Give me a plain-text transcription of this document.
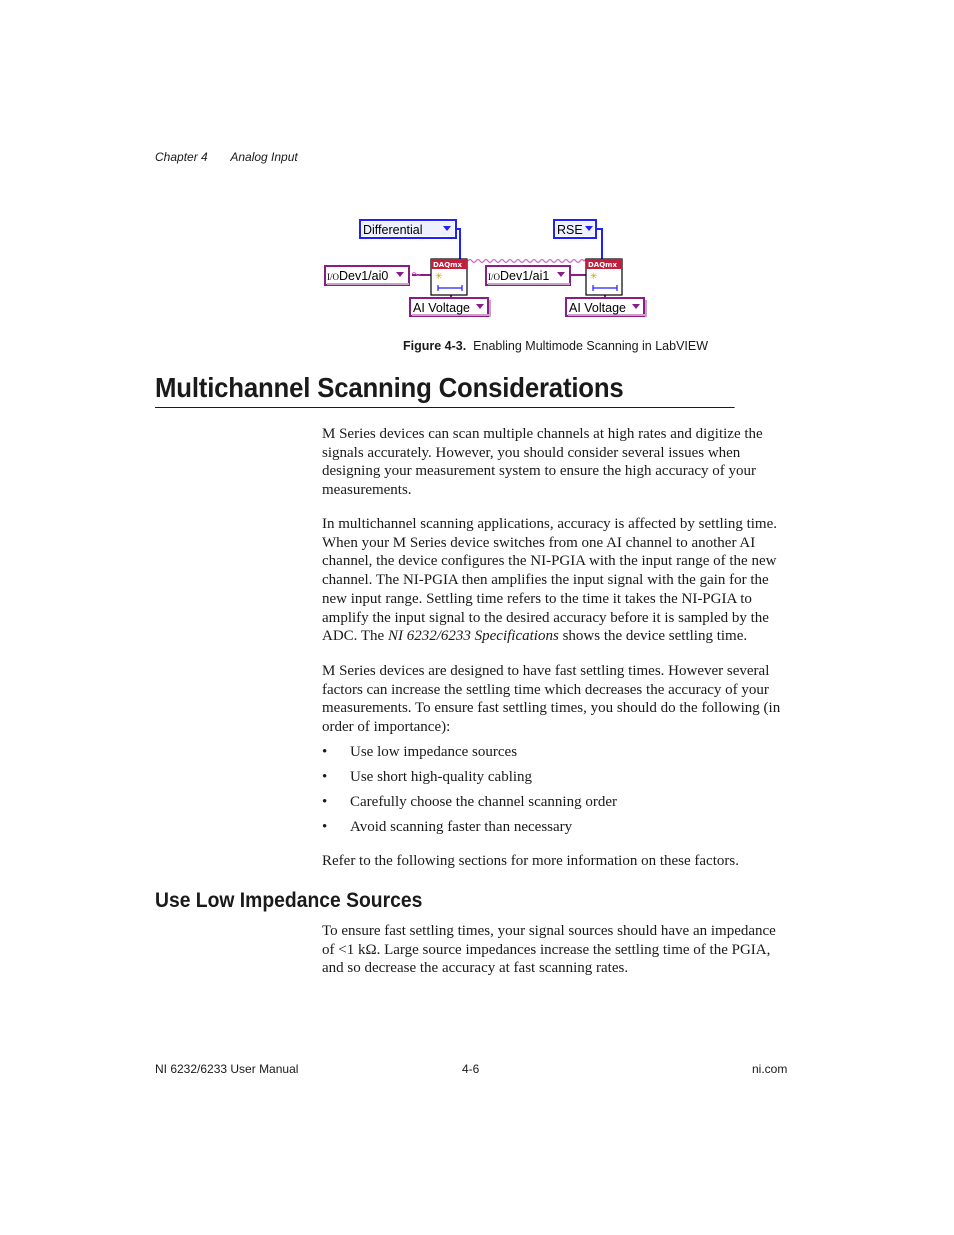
Chapter 4 Analog Input
Differential	RSE
I/O Dev1/ai0	I/O Dev1/ai1
DAQmx
✳
DAQmx
✳
AI Voltage	AI Voltage
Figure 4-3. Enabling Multimode Scanning in LabVIEW
Multichannel Scanning Considerations

M Series devices can scan multiple channels at high rates and digitize the signals accurately. However, you should consider several issues when designing your measurement system to ensure the high accuracy of your measurements.

In multichannel scanning applications, accuracy is affected by settling time. When your M Series device switches from one AI channel to another AI channel, the device configures the NI-PGIA with the input range of the new channel. The NI-PGIA then amplifies the input signal with the gain for the new input range. Settling time refers to the time it takes the NI-PGIA to amplify the input signal to the desired accuracy before it is sampled by the ADC. The NI 6232/6233 Specifications shows the device settling time.

M Series devices are designed to have fast settling times. However several factors can increase the settling time which decreases the accuracy of your measurements. To ensure fast settling times, you should do the following (in order of importance):

• Use low impedance sources
• Use short high-quality cabling
• Carefully choose the channel scanning order
• Avoid scanning faster than necessary

Refer to the following sections for more information on these factors.

Use Low Impedance Sources

To ensure fast settling times, your signal sources should have an impedance of <1 kΩ. Large source impedances increase the settling time of the PGIA, and so decrease the accuracy at fast scanning rates.

NI 6232/6233 User Manual	4-6	ni.com
